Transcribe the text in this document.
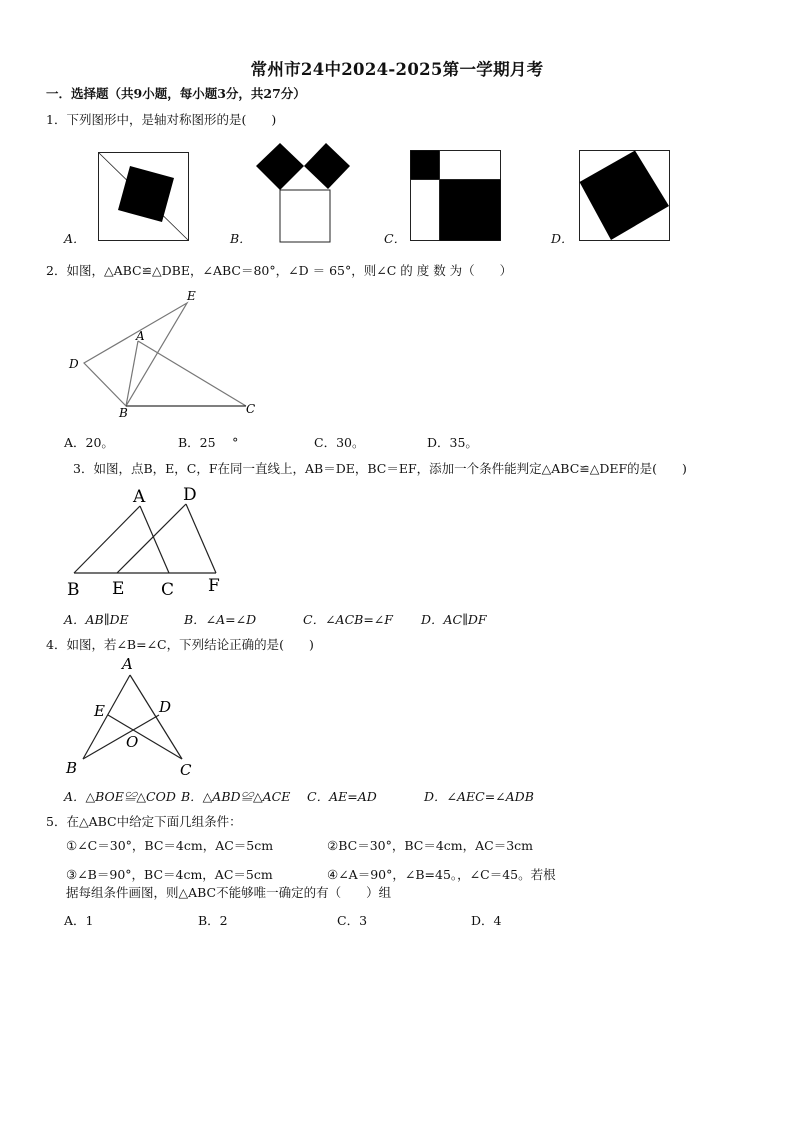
常州市24中2024-2025第一学期月考
一．选择题（共9小题，每小题3分，共27分）
1．下列图形中，是轴对称图形的是(　　)
A．	B．	C．	D．
2．如图，△ABC≌△DBE，∠ABC＝80°，∠D ＝ 65°，则∠C 的 度 数 为（　　）
E
A
D
B	C
A．20。	B．25　 °	C．30。	D．35。
3．如图，点B，E，C，F在同一直线上，AB＝DE，BC＝EF，添加一个条件能判定△ABC≌△DEF的是(　　)
A D
B E C F
A．AB∥DE	B．∠A=∠D	C．∠ACB=∠F D．AC∥DF
4．如图，若∠B=∠C，下列结论正确的是(　　)
A
E	D
O
B	C
A．△BOE≌△COD B．△ABD≌△ACE C．AE=AD	D．∠AEC=∠ADB
5．在△ABC中给定下面几组条件：
①∠C＝30°，BC＝4cm，AC＝5cm	②BC＝30°，BC＝4cm，AC＝3cm
③∠B＝90°，BC＝4cm，AC＝5cm	④∠A＝90°，∠B=45。，∠C＝45。若根
据每组条件画图，则△ABC不能够唯一确定的有（　　）组
A．1	B．2	C．3	D．4
